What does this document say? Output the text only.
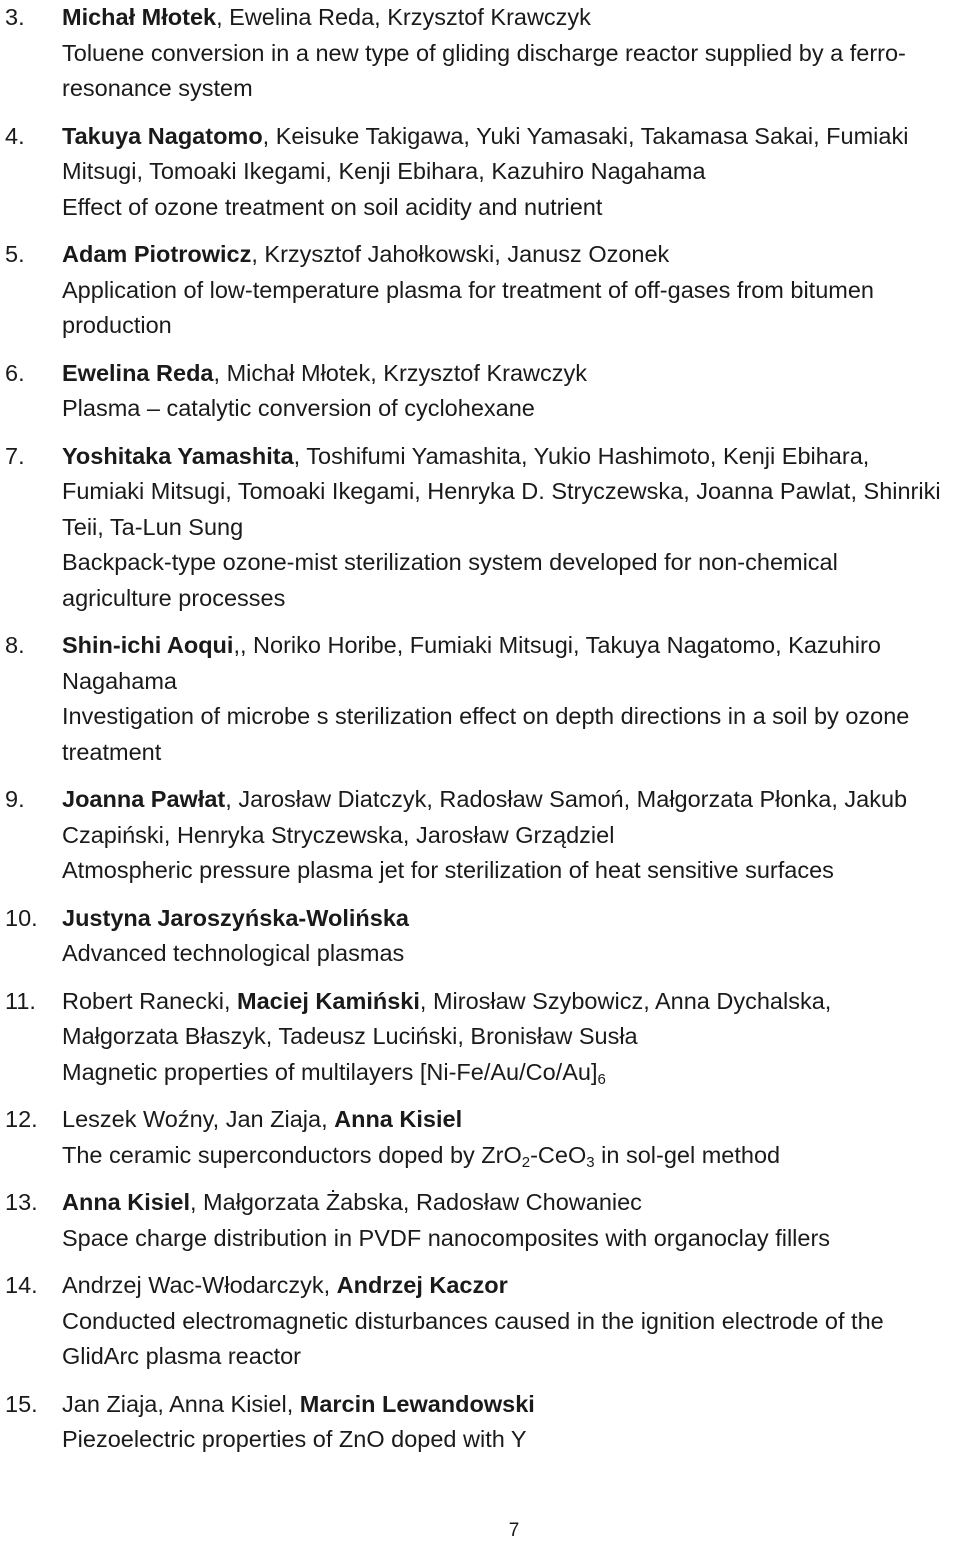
3. Michał Młotek, Ewelina Reda, Krzysztof Krawczyk
Toluene conversion in a new type of gliding discharge reactor supplied by a ferro-resonance system
4. Takuya Nagatomo, Keisuke Takigawa, Yuki Yamasaki, Takamasa Sakai, Fumiaki Mitsugi, Tomoaki Ikegami, Kenji Ebihara, Kazuhiro Nagahama
Effect of ozone treatment on soil acidity and nutrient
5. Adam Piotrowicz, Krzysztof Jahołkowski, Janusz Ozonek
Application of low-temperature plasma for treatment of off-gases from bitumen production
6. Ewelina Reda, Michał Młotek, Krzysztof Krawczyk
Plasma – catalytic conversion of cyclohexane
7. Yoshitaka Yamashita, Toshifumi Yamashita, Yukio Hashimoto, Kenji Ebihara, Fumiaki Mitsugi, Tomoaki Ikegami, Henryka D. Stryczewska, Joanna Pawlat, Shinriki Teii, Ta-Lun Sung
Backpack-type ozone-mist sterilization system developed for non-chemical agriculture processes
8. Shin-ichi Aoqui,, Noriko Horibe, Fumiaki Mitsugi, Takuya Nagatomo, Kazuhiro Nagahama
Investigation of microbe s sterilization effect on depth directions in a soil by ozone treatment
9. Joanna Pawłat, Jarosław Diatczyk, Radosław Samoń, Małgorzata Płonka, Jakub Czapiński, Henryka Stryczewska, Jarosław Grządziel
Atmospheric pressure plasma jet for sterilization of heat sensitive surfaces
10. Justyna Jaroszyńska-Wolińska
Advanced technological plasmas
11. Robert Ranecki, Maciej Kamiński, Mirosław Szybowicz, Anna Dychalska, Małgorzata Błaszyk, Tadeusz Luciński, Bronisław Susła
Magnetic properties of multilayers $[Ni-Fe/Au/Co/Au]_6$
12. Leszek Woźny, Jan Ziaja, Anna Kisiel
The ceramic superconductors doped by ZrO$_2$-CeO$_3$ in sol-gel method
13. Anna Kisiel, Małgorzata Żabska, Radosław Chowaniec
Space charge distribution in PVDF nanocomposites with organoclay fillers
14. Andrzej Wac-Włodarczyk, Andrzej Kaczor
Conducted electromagnetic disturbances caused in the ignition electrode of the GlidArc plasma reactor
15. Jan Ziaja, Anna Kisiel, Marcin Lewandowski
Piezoelectric properties of ZnO doped with Y
7
